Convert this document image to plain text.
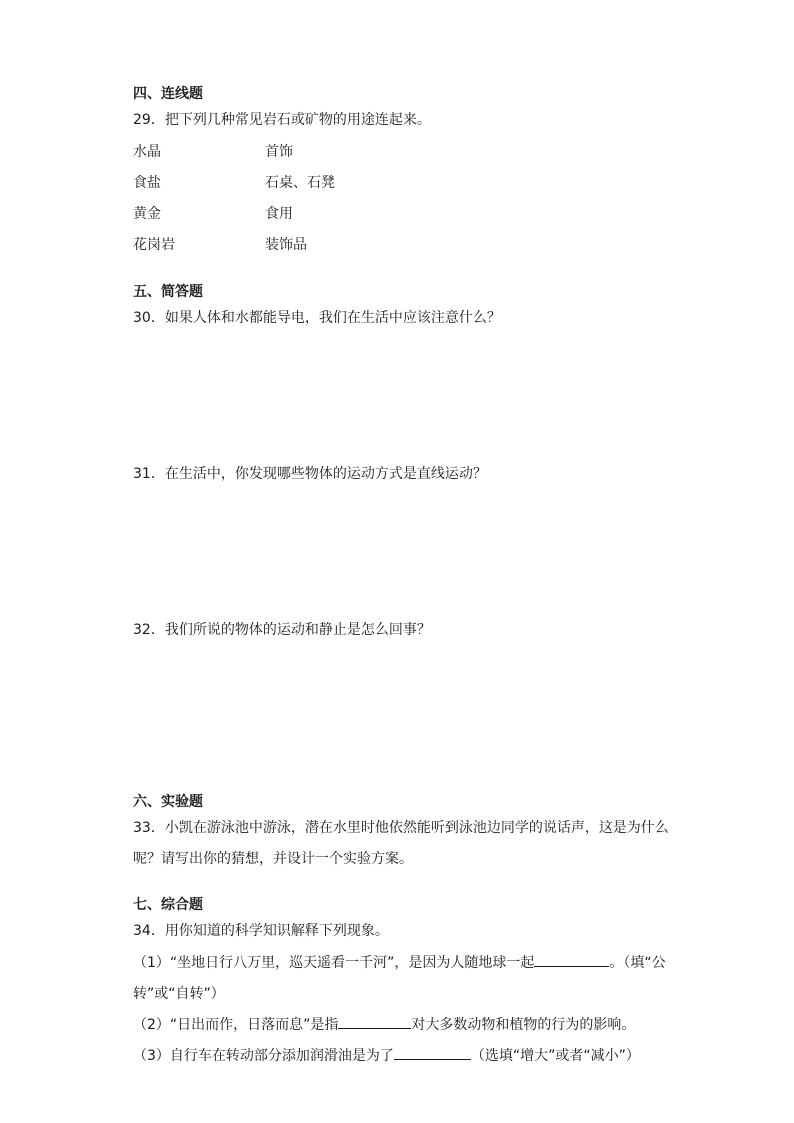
四、连线题
29．把下列几种常见岩石或矿物的用途连起来。
水晶	首饰
食盐	石桌、石凳
黄金	食用
花岗岩	装饰品
五、简答题
30．如果人体和水都能导电，我们在生活中应该注意什么？
31．在生活中，你发现哪些物体的运动方式是直线运动？
32．我们所说的物体的运动和静止是怎么回事？
六、实验题
33．小凯在游泳池中游泳，潜在水里时他依然能听到泳池边同学的说话声，这是为什么
呢？请写出你的猜想，并设计一个实验方案。
七、综合题
34．用你知道的科学知识解释下列现象。
（1）“坐地日行八万里，巡天遥看一千河”，是因为人随地球一起	。（填“公
转”或“自转”）
（2）“日出而作，日落而息”是指	对大多数动物和植物的行为的影响。
（3）自行车在转动部分添加润滑油是为了	（选填“增大”或者“减小”）
